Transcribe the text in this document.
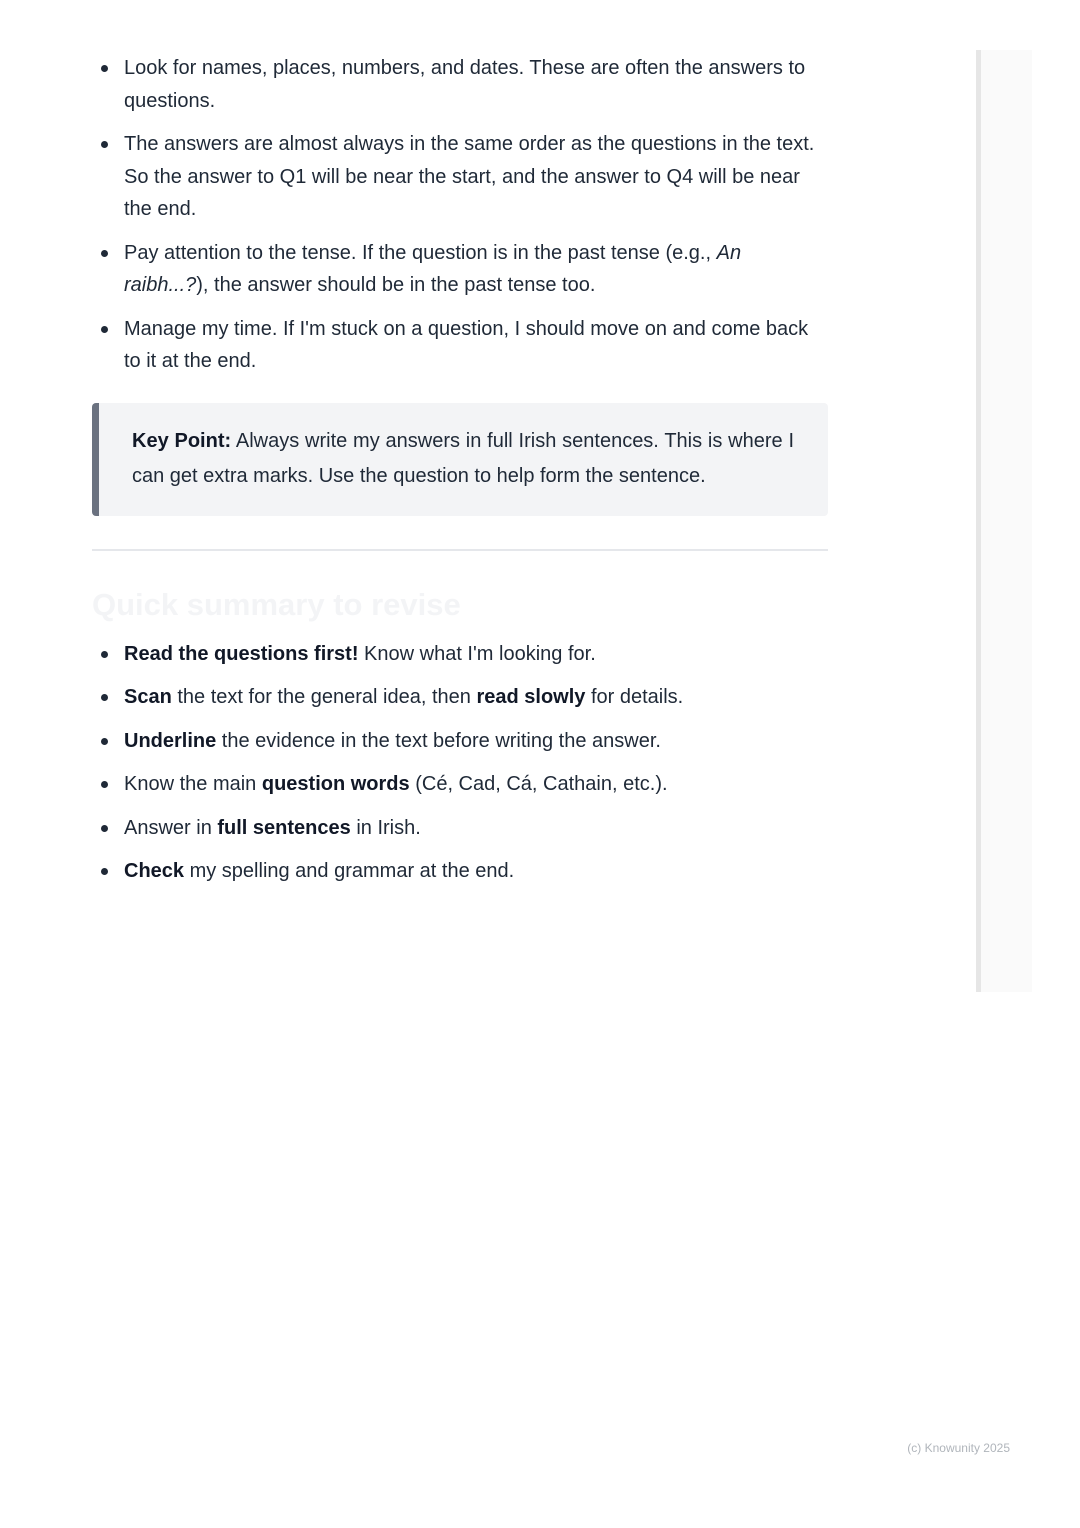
Look for names, places, numbers, and dates. These are often the answers to questions.
The answers are almost always in the same order as the questions in the text. So the answer to Q1 will be near the start, and the answer to Q4 will be near the end.
Pay attention to the tense. If the question is in the past tense (e.g., An raibh...?), the answer should be in the past tense too.
Manage my time. If I'm stuck on a question, I should move on and come back to it at the end.
Key Point: Always write my answers in full Irish sentences. This is where I can get extra marks. Use the question to help form the sentence.
Quick summary to revise
Read the questions first! Know what I'm looking for.
Scan the text for the general idea, then read slowly for details.
Underline the evidence in the text before writing the answer.
Know the main question words (Cé, Cad, Cá, Cathain, etc.).
Answer in full sentences in Irish.
Check my spelling and grammar at the end.
(c) Knowunity 2025
